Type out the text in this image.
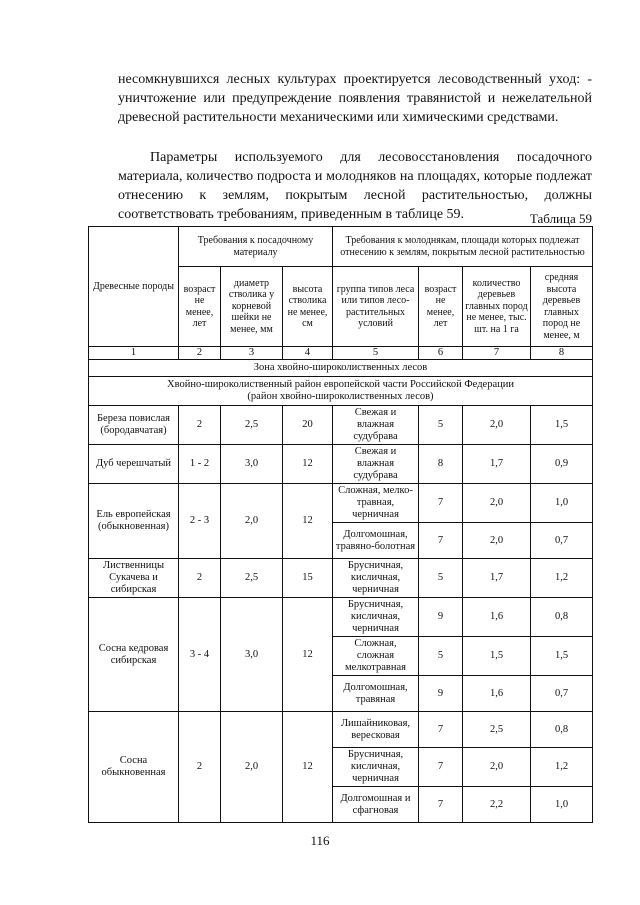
несомкнувшихся лесных культурах проектируется лесоводственный уход: - уничтожение или предупреждение появления травянистой и нежелательной древесной растительности механическими или химическими средствами.
Параметры используемого для лесовосстановления посадочного материала, количество подроста и молодняков на площадях, которые подлежат отнесению к землям, покрытым лесной растительностью, должны соответствовать требованиям, приведенным в таблице 59.	Таблица 59
Древесные породы	Требования к посадочному материалу			Требования к молоднякам, площади которых подлежат отнесению к землям, покрытым лесной растительностью			
	возраст не менее, лет	диаметр стволика у корневой шейки не менее, мм	высота стволика не менее, см	группа типов леса или типов лесо-растительных условий	возраст не менее, лет	количество деревьев главных пород не менее, тыс. шт. на 1 га	средняя высота деревьев главных пород не менее, м
1	2	3	4	5	6	7	8
Зона хвойно-широколиственных лесов							

Хвойно-широколиственный район европейской части Российской Федерации
(район хвойно-широколиственных лесов)							

Береза повислая (бородавчатая)	2	2,5	20	Свежая и влажная судубрава	5	2,0	1,5
Дуб черешчатый	1 - 2	3,0	12	Свежая и влажная судубрава	8	1,7	0,9
Ель европейская (обыкновенная)	2 - 3	2,0	12	Сложная, мелко-травная, черничная	7	2,0	1,0
				Долгомошная, травяно-болотная	7	2,0	0,7
Лиственницы Сукачева и сибирская	2	2,5	15	Брусничная, кисличная, черничная	5	1,7	1,2
Сосна кедровая сибирская	3 - 4	3,0	12	Брусничная, кисличная, черничная	9	1,6	0,8
				Сложная, сложная мелкотравная	5	1,5	1,5
				Долгомошная, травяная	9	1,6	0,7
Сосна обыкновенная	2	2,0	12	Лишайниковая, вересковая	7	2,5	0,8
				Брусничная, кисличная, черничная	7	2,0	1,2
				Долгомошная и сфагновая	7	2,2	1,0
116
